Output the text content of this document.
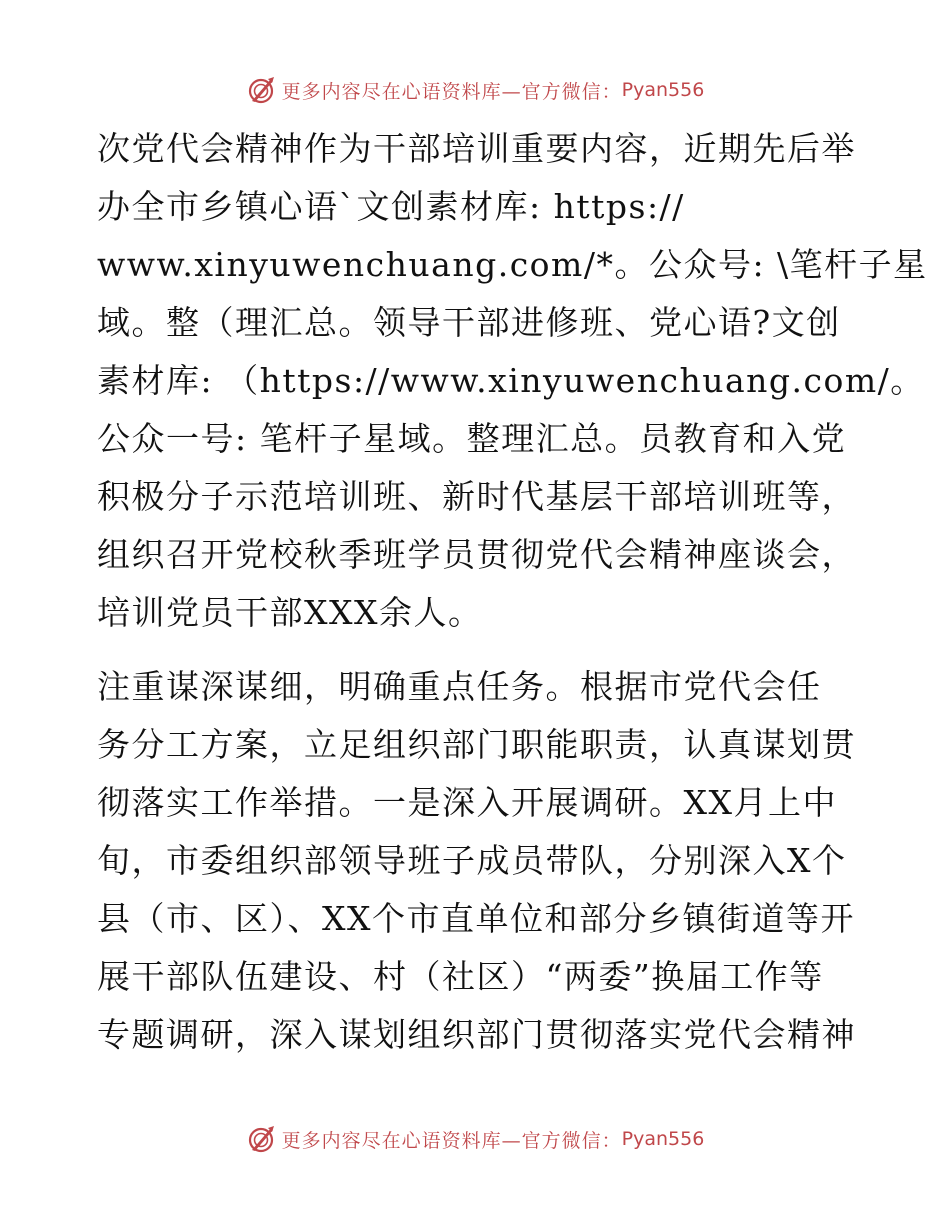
更多内容尽在心语资料库—官方微信： Pyan556
次党代会精神作为干部培训重要内容，近期先后举
办全市乡镇心语`文创素材库: https://
www.xinyuwenchuang.com/*。公众号: \笔杆子星
域。整（理汇总。领导干部进修班、党心语?文创
素材库: （https://www.xinyuwenchuang.com/。
公众一号: 笔杆子星域。整理汇总。员教育和入党
积极分子示范培训班、新时代基层干部培训班等，
组织召开党校秋季班学员贯彻党代会精神座谈会，
培训党员干部XXX余人。
注重谋深谋细，明确重点任务。根据市党代会任
务分工方案，立足组织部门职能职责，认真谋划贯
彻落实工作举措。一是深入开展调研。XX月上中
旬，市委组织部领导班子成员带队，分别深入X个
县（市、区）、XX个市直单位和部分乡镇街道等开
展干部队伍建设、村（社区）“两委”换届工作等
专题调研，深入谋划组织部门贯彻落实党代会精神
更多内容尽在心语资料库—官方微信： Pyan556
